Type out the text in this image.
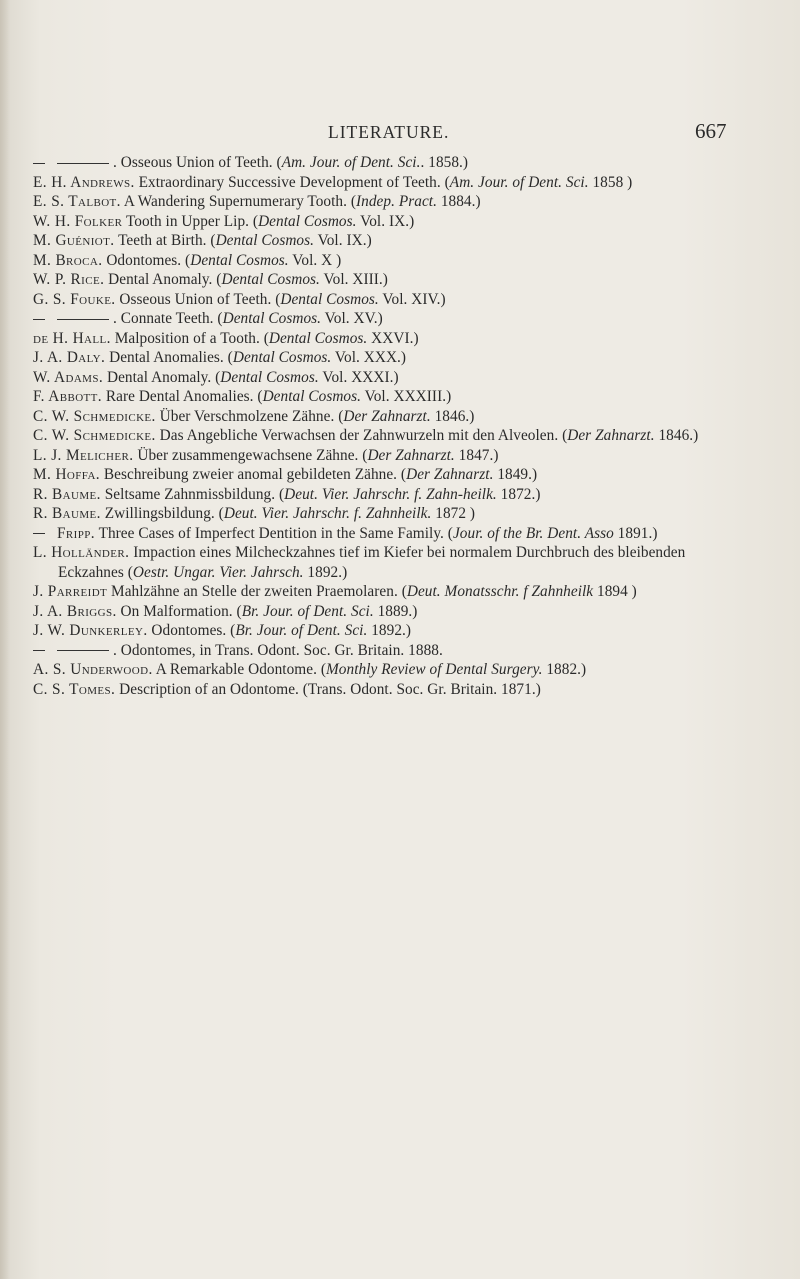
LITERATURE.	667

. Osseous Union of Teeth. (Am. Jour. of Dent. Sci.. 1858.)

E. H. Andrews. Extraordinary Successive Development of Teeth. (Am. Jour. of Dent. Sci. 1858 )

E. S. Talbot. A Wandering Supernumerary Tooth. (Indep. Pract. 1884.)

W. H. Folker Tooth in Upper Lip. (Dental Cosmos. Vol. IX.)

M. Guéniot. Teeth at Birth. (Dental Cosmos. Vol. IX.)

M. Broca. Odontomes. (Dental Cosmos. Vol. X )

W. P. Rice. Dental Anomaly. (Dental Cosmos. Vol. XIII.)

G. S. Fouke. Osseous Union of Teeth. (Dental Cosmos. Vol. XIV.)

. Connate Teeth. (Dental Cosmos. Vol. XV.)

de H. Hall. Malposition of a Tooth. (Dental Cosmos. XXVI.)

J. A. Daly. Dental Anomalies. (Dental Cosmos. Vol. XXX.)

W. Adams. Dental Anomaly. (Dental Cosmos. Vol. XXXI.)

F. Abbott. Rare Dental Anomalies. (Dental Cosmos. Vol. XXXIII.)

C. W. Schmedicke. Über Verschmolzene Zähne. (Der Zahnarzt. 1846.)

C. W. Schmedicke. Das Angebliche Verwachsen der Zahnwurzeln mit den Alveolen. (Der Zahnarzt. 1846.)

L. J. Melicher. Über zusammengewachsene Zähne. (Der Zahnarzt. 1847.)

M. Hoffa. Beschreibung zweier anomal gebildeten Zähne. (Der Zahnarzt. 1849.)

R. Baume. Seltsame Zahnmissbildung. (Deut. Vier. Jahrschr. f. Zahn-heilk. 1872.)

R. Baume. Zwillingsbildung. (Deut. Vier. Jahrschr. f. Zahnheilk. 1872 )

Fripp. Three Cases of Imperfect Dentition in the Same Family. (Jour. of the Br. Dent. Asso 1891.)

L. Holländer. Impaction eines Milcheckzahnes tief im Kiefer bei normalem Durchbruch des bleibenden Eckzahnes (Oestr. Ungar. Vier. Jahrsch. 1892.)

J. Parreidt Mahlzähne an Stelle der zweiten Praemolaren. (Deut. Monatsschr. f Zahnheilk 1894 )

J. A. Briggs. On Malformation. (Br. Jour. of Dent. Sci. 1889.)

J. W. Dunkerley. Odontomes. (Br. Jour. of Dent. Sci. 1892.)

. Odontomes, in Trans. Odont. Soc. Gr. Britain. 1888.

A. S. Underwood. A Remarkable Odontome. (Monthly Review of Dental Surgery. 1882.)

C. S. Tomes. Description of an Odontome. (Trans. Odont. Soc. Gr. Britain. 1871.)
